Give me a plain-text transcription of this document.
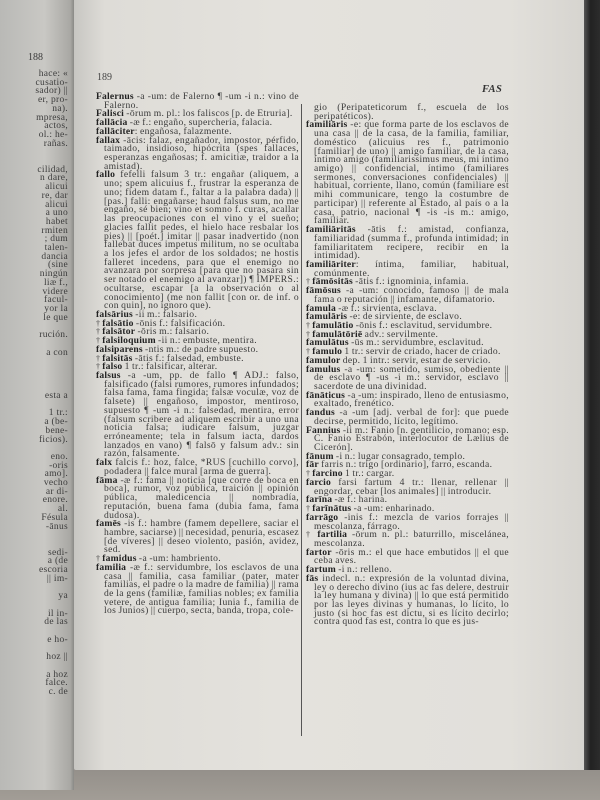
188
hace: «
cusatio-
sador) ||
er, pro-
na).
mpresa,
actos,
ol.: he-
rañas.

cilidad,
n dare,
alicui
re, dar
alicui
a uno
habet
rmiten
; dum
talen-
dancia
(sine
ningún
liæ f.,
videre
facul-
yor la
le que

rución.

a con

esta a

1 tr.:
a (be-
bene-
ficios).

eno.
-oris
amo].
vecho
ar di-
enore.
al.
Fésula
-ānus

sedi-
a (de
escoria
|| im-

ya

il in-
de las

e ho-

hoz ||

a hoz
falce.
c. de
189
FAS
Falernus -a -um: de Falerno ¶ -um -i n.: vino de Falerno.
Falisci -ōrum m. pl.: los faliscos [p. de Etruria].
fallācia -æ f.: engaño, superchería, falacia.
fallāciter: engañosa, falazmente.
fallax -ācis: falaz, engañador, impostor, pérfido, taimado, insidioso, hipócrita (spes fallaces, esperanzas engañosas; f. amicitiæ, traidor a la amistad).
fallo fefelli falsum 3 tr.: engañar (aliquem, a uno; spem alicuius f., frustrar la esperanza de uno; fidem datam f., faltar a la palabra dada) || [pas.] falli: engañarse; haud falsus sum, no me engaño, sé bien; vino et somno f. curas, acallar las preocupaciones con el vino y el sueño; glacies fallit pedes, el hielo hace resbalar los pies) || [poét.] imitar || pasar inadvertido (non fallebat duces impetus militum, no se ocultaba a los jefes el ardor de los soldados; ne hostis falleret incedens, para que el enemigo no avanzara por sorpresa [para que no pasara sin ser notado el enemigo al avanzar]) ¶ IMPERS.: ocultarse, escapar [a la observación o al conocimiento] (me non fallit [con or. de inf. o con quin], no ignoro que).
falsārius -ii m.: falsario.
† falsātio -ōnis f.: falsificación.
† falsātor -ōris m.: falsario.
† falsiloquium -ii n.: embuste, mentira.
falsiparens -ntis m.: de padre supuesto.
† falsitās -ātis f.: falsedad, embuste.
† falso 1 tr.: falsificar, alterar.
falsus -a -um, pp. de fallo ¶ ADJ.: falso, falsificado (falsi rumores, rumores infundados; falsa fama, fama fingida; falsæ voculæ, voz de falsete) || engañoso, impostor, mentiroso, supuesto ¶ -um -i n.: falsedad, mentira, error (falsum scribere ad aliquem escribir a uno una noticia falsa; iudicare falsum, juzgar erróneamente; tela in falsum iacta, dardos lanzados en vano) ¶ falsō y falsum adv.: sin razón, falsamente.
falx falcis f.: hoz, falce, *RUS [cuchillo corvo], podadera || falce mural [arma de guerra].
fāma -æ f.: fama || noticia [que corre de boca en boca], rumor, voz pública, traición || opinión pública, maledicencia || nombradía, reputación, buena fama (dubia fama, fama dudosa).
famēs -is f.: hambre (famem depellere, saciar el hambre, saciarse) || necesidad, penuria, escasez [de víveres] || deseo violento, pasión, avidez, sed.
† famidus -a -um: hambriento.
familia -æ f.: servidumbre, los esclavos de una casa || familia, casa familiar (pater, mater familias, el padre o la madre de familia) || rama de la gens (familiæ, familias nobles; ex familia vetere, de antigua familia; Iunia f., familia de los Junios) || cuerpo, secta, banda, tropa, cole-
gio (Peripateticorum f., escuela de los peripatéticos).
familiāris -e: que forma parte de los esclavos de una casa || de la casa, de la familia, familiar, doméstico (alicuius res f., patrimonio [familiar] de uno) || amigo familiar, de la casa, íntimo amigo (familiarissimus meus, mi íntimo amigo) || confidencial, íntimo (familiares sermones, conversaciones confidenciales) || habitual, corriente, llano, común (familiare est mihi communicare, tengo la costumbre de participar) || referente al Estado, al país o a la casa, patrio, nacional ¶ -is -is m.: amigo, familiar.
familiāritās -ātis f.: amistad, confianza, familiaridad (summa f., profunda intimidad; in familiaritatem recipere, recibir en la intimidad).
familiāriter: íntima, familiar, habitual, comúnmente.
† fāmōsitās -ātis f.: ignominia, infamia.
fāmōsus -a -um: conocido, famoso || de mala fama o reputación || infamante, difamatorio.
famula -æ f.: sirvienta, esclava.
famulāris -e: de sirviente, de esclavo.
† famulātio -ōnis f.: esclavitud, servidumbre.
† famulātōriē adv.: servilmente.
famulātus -ūs m.: servidumbre, esclavitud.
† famulo 1 tr.: servir de criado, hacer de criado.
famulor dep. 1 intr.: servir, estar de servicio.
famulus -a -um: sometido, sumiso, obediente || de esclavo ¶ -us -i m.: servidor, esclavo || sacerdote de una divinidad.
fānāticus -a -um: inspirado, lleno de entusiasmo, exaltado, frenético.
fandus -a -um [adj. verbal de for]: que puede decirse, permitido, lícito, legítimo.
Fannius -ii m.: Fanio [n. gentilicio, romano; esp. C. Fanio Estrabón, interlocutor de Lælius de Cicerón].
fānum -i n.: lugar consagrado, templo.
fār farris n.: trigo [ordinario], farro, escanda.
† farcino 1 tr.: cargar.
farcio farsi fartum 4 tr.: llenar, rellenar || engordar, cebar [los animales] || introducir.
farīna -æ f.: harina.
† farīnātus -a -um: enharinado.
farrāgo -inis f.: mezcla de varios forrajes || mescolanza, fárrago.
† fartilia -ōrum n. pl.: baturrillo, miscelánea, mescolanza.
fartor -ōris m.: el que hace embutidos || el que ceba aves.
fartum -i n.: relleno.
fās indecl. n.: expresión de la voluntad divina, ley o derecho divino (ius ac fas delere, destruir la ley humana y divina) || lo que está permitido por las leyes divinas y humanas, lo lícito, lo justo (si hoc fas est dictu, si es lícito decirlo; contra quod fas est, contra lo que es jus-
